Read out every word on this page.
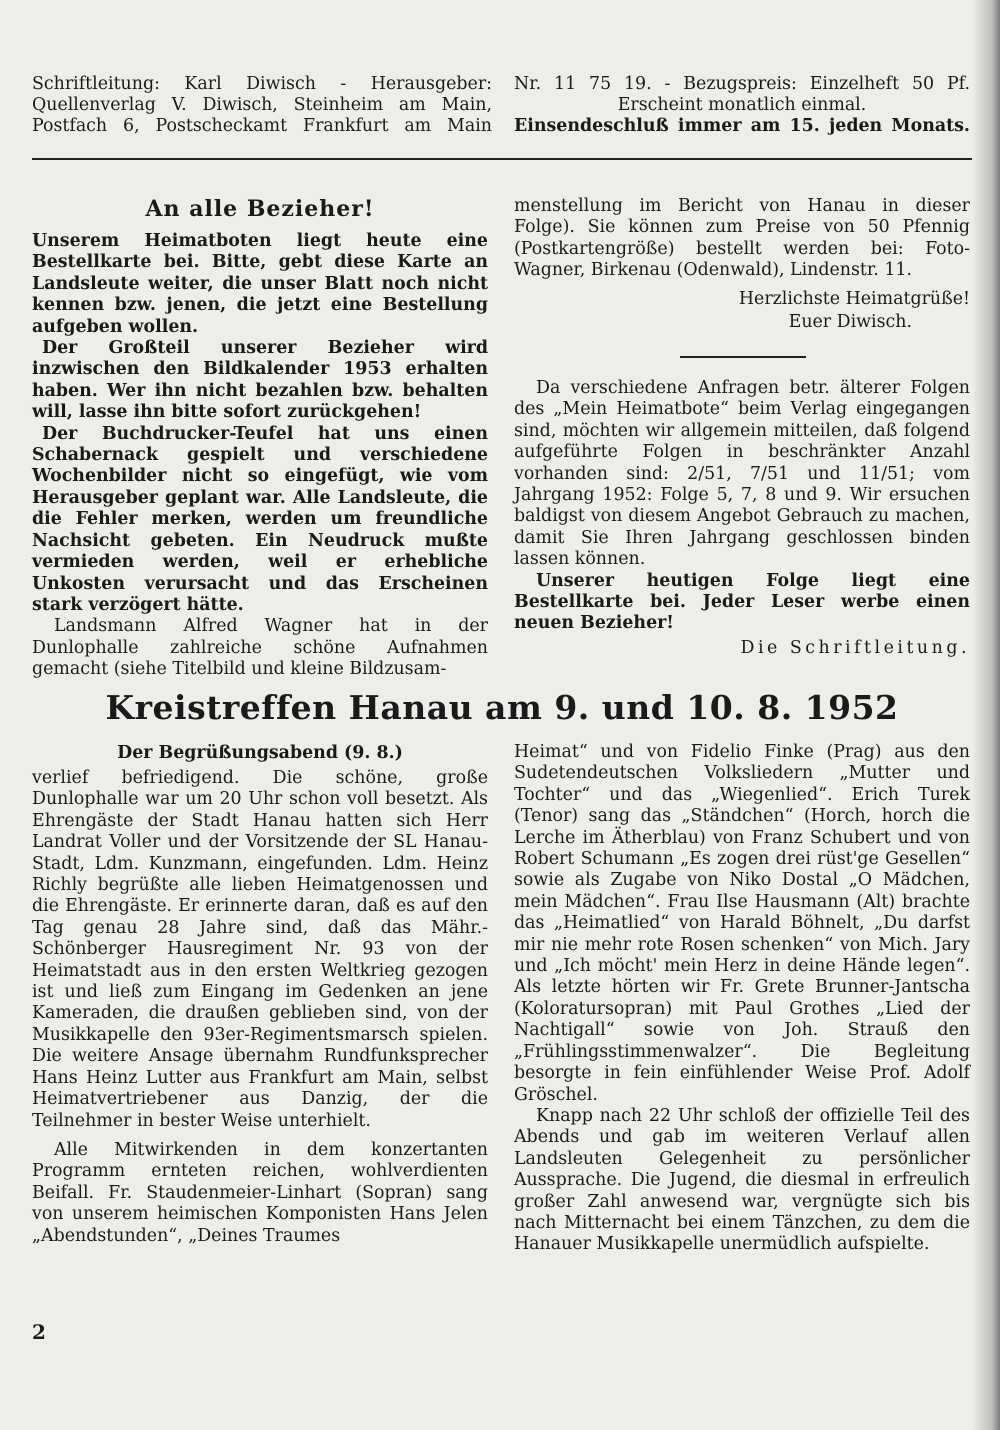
Schriftleitung: Karl Diwisch - Herausgeber:
Quellenverlag V. Diwisch, Steinheim am Main,
Postfach 6, Postscheckamt Frankfurt am Main
Nr. 11 75 19. - Bezugspreis: Einzelheft 50 Pf.
Erscheint monatlich einmal.
Einsendeschluß immer am 15. jeden Monats.
An alle Bezieher!

Unserem Heimatboten liegt heute eine Bestellkarte bei. Bitte, gebt diese Karte an Landsleute weiter, die unser Blatt noch nicht kennen bzw. jenen, die jetzt eine Bestellung aufgeben wollen.

Der Großteil unserer Bezieher wird inzwischen den Bildkalender 1953 erhalten haben. Wer ihn nicht bezahlen bzw. behalten will, lasse ihn bitte sofort zurückgehen!

Der Buchdrucker-Teufel hat uns einen Schabernack gespielt und verschiedene Wochenbilder nicht so eingefügt, wie vom Herausgeber geplant war. Alle Landsleute, die die Fehler merken, werden um freundliche Nachsicht gebeten. Ein Neudruck mußte vermieden werden, weil er erhebliche Unkosten verursacht und das Erscheinen stark verzögert hätte.

Landsmann Alfred Wagner hat in der Dunlophalle zahlreiche schöne Aufnahmen gemacht (siehe Titelbild und kleine Bildzusam-

menstellung im Bericht von Hanau in dieser Folge). Sie können zum Preise von 50 Pfennig (Postkartengröße) bestellt werden bei: Foto-Wagner, Birkenau (Odenwald), Lindenstr. 11.

Herzlichste Heimatgrüße!

Euer Diwisch.

Da verschiedene Anfragen betr. älterer Folgen des „Mein Heimatbote“ beim Verlag eingegangen sind, möchten wir allgemein mitteilen, daß folgend aufgeführte Folgen in beschränkter Anzahl vorhanden sind: 2/51, 7/51 und 11/51; vom Jahrgang 1952: Folge 5, 7, 8 und 9. Wir ersuchen baldigst von diesem Angebot Gebrauch zu machen, damit Sie Ihren Jahrgang geschlossen binden lassen können.

Unserer heutigen Folge liegt eine Bestellkarte bei. Jeder Leser werbe einen neuen Bezieher!

Die Schriftleitung.

Kreistreffen Hanau am 9. und 10. 8. 1952

Der Begrüßungsabend (9. 8.)

verlief befriedigend. Die schöne, große Dunlophalle war um 20 Uhr schon voll besetzt. Als Ehrengäste der Stadt Hanau hatten sich Herr Landrat Voller und der Vorsitzende der SL Hanau-Stadt, Ldm. Kunzmann, eingefunden. Ldm. Heinz Richly begrüßte alle lieben Heimatgenossen und die Ehrengäste. Er erinnerte daran, daß es auf den Tag genau 28 Jahre sind, daß das Mähr.-Schönberger Hausregiment Nr. 93 von der Heimatstadt aus in den ersten Weltkrieg gezogen ist und ließ zum Eingang im Gedenken an jene Kameraden, die draußen geblieben sind, von der Musikkapelle den 93er-Regimentsmarsch spielen. Die weitere Ansage übernahm Rundfunksprecher Hans Heinz Lutter aus Frankfurt am Main, selbst Heimatvertriebener aus Danzig, der die Teilnehmer in bester Weise unterhielt.

Alle Mitwirkenden in dem konzertanten Programm ernteten reichen, wohlverdienten Beifall. Fr. Staudenmeier-Linhart (Sopran) sang von unserem heimischen Komponisten Hans Jelen „Abendstunden“, „Deines Traumes

Heimat“ und von Fidelio Finke (Prag) aus den Sudetendeutschen Volksliedern „Mutter und Tochter“ und das „Wiegenlied“. Erich Turek (Tenor) sang das „Ständchen“ (Horch, horch die Lerche im Ätherblau) von Franz Schubert und von Robert Schumann „Es zogen drei rüst'ge Gesellen“ sowie als Zugabe von Niko Dostal „O Mädchen, mein Mädchen“. Frau Ilse Hausmann (Alt) brachte das „Heimatlied“ von Harald Böhnelt, „Du darfst mir nie mehr rote Rosen schenken“ von Mich. Jary und „Ich möcht' mein Herz in deine Hände legen“. Als letzte hörten wir Fr. Grete Brunner-Jantscha (Koloratursopran) mit Paul Grothes „Lied der Nachtigall“ sowie von Joh. Strauß den „Frühlingsstimmenwalzer“. Die Begleitung besorgte in fein einfühlender Weise Prof. Adolf Gröschel.

Knapp nach 22 Uhr schloß der offizielle Teil des Abends und gab im weiteren Verlauf allen Landsleuten Gelegenheit zu persönlicher Aussprache. Die Jugend, die diesmal in erfreulich großer Zahl anwesend war, vergnügte sich bis nach Mitternacht bei einem Tänzchen, zu dem die Hanauer Musikkapelle unermüdlich aufspielte.

2
